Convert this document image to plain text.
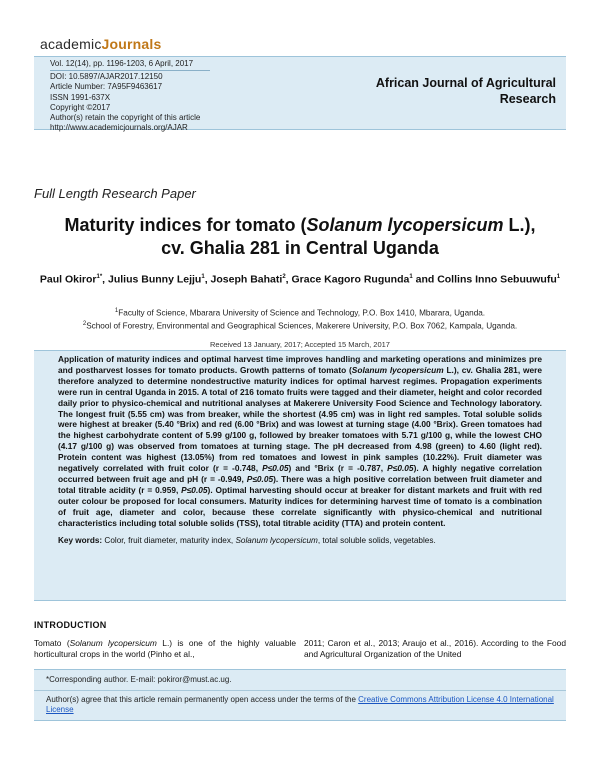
academicJournals
Vol. 12(14), pp. 1196-1203, 6 April, 2017
DOI: 10.5897/AJAR2017.12150
Article Number: 7A95F9463617
ISSN 1991-637X
Copyright ©2017
Author(s) retain the copyright of this article
http://www.academicjournals.org/AJAR
African Journal of Agricultural
Research
Full Length Research Paper
Maturity indices for tomato (Solanum lycopersicum L.),
cv. Ghalia 281 in Central Uganda
Paul Okiror$^{1*}$, Julius Bunny Lejju$^1$, Joseph Bahati$^2$, Grace Kagoro Rugunda$^1$ and Collins Inno Sebuuwufu$^1$
$^1$Faculty of Science, Mbarara University of Science and Technology, P.O. Box 1410, Mbarara, Uganda.
$^2$School of Forestry, Environmental and Geographical Sciences, Makerere University, P.O. Box 7062, Kampala, Uganda.
Received 13 January, 2017; Accepted 15 March, 2017
Application of maturity indices and optimal harvest time improves handling and marketing operations and minimizes pre and postharvest losses for tomato products. Growth patterns of tomato (Solanum lycopersicum L.), cv. Ghalia 281, were therefore analyzed to determine nondestructive maturity indices for optimal harvest regimes. Propagation experiments were run in central Uganda in 2015. A total of 216 tomato fruits were tagged and their diameter, height and color recorded daily prior to physico-chemical and nutritional analyses at Makerere University Food Science and Technology laboratory. The longest fruit (5.55 cm) was from breaker, while the shortest (4.95 cm) was in light red samples. Total soluble solids were highest at breaker (5.40 °Brix) and red (6.00 °Brix) and was lowest at turning stage (4.00 °Brix). Green tomatoes had the highest carbohydrate content of 5.99 g/100 g, followed by breaker tomatoes with 5.71 g/100 g, while the lowest CHO (4.17 g/100 g) was observed from tomatoes at turning stage. The pH decreased from 4.98 (green) to 4.60 (light red). Protein content was highest (13.05%) from red tomatoes and lowest in pink samples (10.22%). Fruit diameter was negatively correlated with fruit color (r = -0.748, P≤0.05) and °Brix (r = -0.787, P≤0.05). A highly negative correlation occurred between fruit age and pH (r = -0.949, P≤0.05). There was a high positive correlation between fruit diameter and total titrable acidity (r = 0.959, P≤0.05). Optimal harvesting should occur at breaker for distant markets and fruit with red outer colour be proposed for local consumers. Maturity indices for determining harvest time of tomato is a combination of fruit age, diameter and color, because these correlate significantly with physico-chemical and nutritional characteristics including total soluble solids (TSS), total titrable acidity (TTA) and protein content.
Key words: Color, fruit diameter, maturity index, Solanum lycopersicum, total soluble solids, vegetables.
INTRODUCTION
Tomato (Solanum lycopersicum L.) is one of the highly valuable horticultural crops in the world (Pinho et al.,
2011; Caron et al., 2013; Araujo et al., 2016). According to the Food and Agricultural Organization of the United
*Corresponding author. E-mail: pokiror@must.ac.ug.
Author(s) agree that this article remain permanently open access under the terms of the Creative Commons Attribution License 4.0 International License
